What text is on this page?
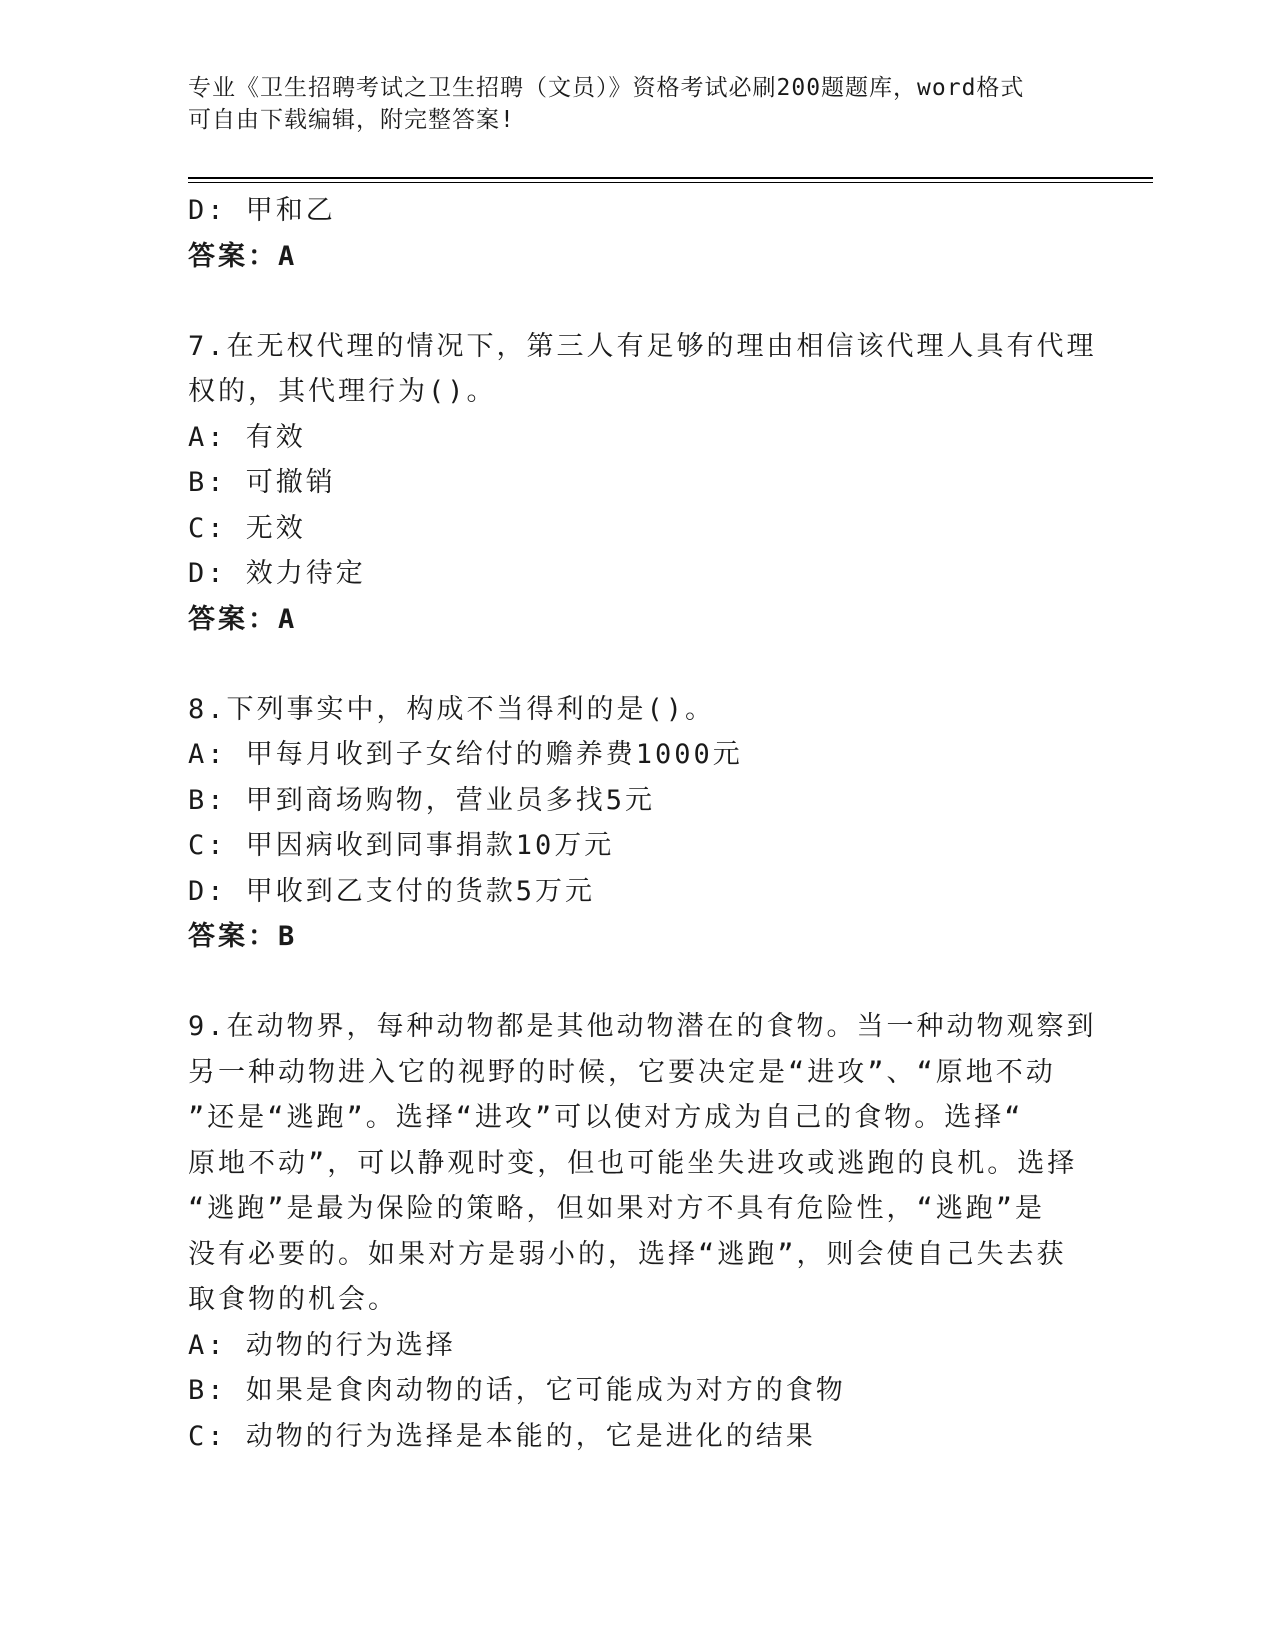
专业《卫生招聘考试之卫生招聘（文员）》资格考试必刷200题题库，word格式
可自由下载编辑，附完整答案!
D: 甲和乙
答案：A
7.在无权代理的情况下，第三人有足够的理由相信该代理人具有代理
权的，其代理行为()。
A: 有效
B: 可撤销
C: 无效
D: 效力待定
答案：A
8.下列事实中，构成不当得利的是()。
A: 甲每月收到子女给付的赡养费1000元
B: 甲到商场购物，营业员多找5元
C: 甲因病收到同事捐款10万元
D: 甲收到乙支付的货款5万元
答案：B
9.在动物界，每种动物都是其他动物潜在的食物。当一种动物观察到
另一种动物进入它的视野的时候，它要决定是“进攻”、“原地不动
”还是“逃跑”。选择“进攻”可以使对方成为自己的食物。选择“
原地不动”，可以静观时变，但也可能坐失进攻或逃跑的良机。选择
“逃跑”是最为保险的策略，但如果对方不具有危险性，“逃跑”是
没有必要的。如果对方是弱小的，选择“逃跑”，则会使自己失去获
取食物的机会。
A: 动物的行为选择
B: 如果是食肉动物的话，它可能成为对方的食物
C: 动物的行为选择是本能的，它是进化的结果
